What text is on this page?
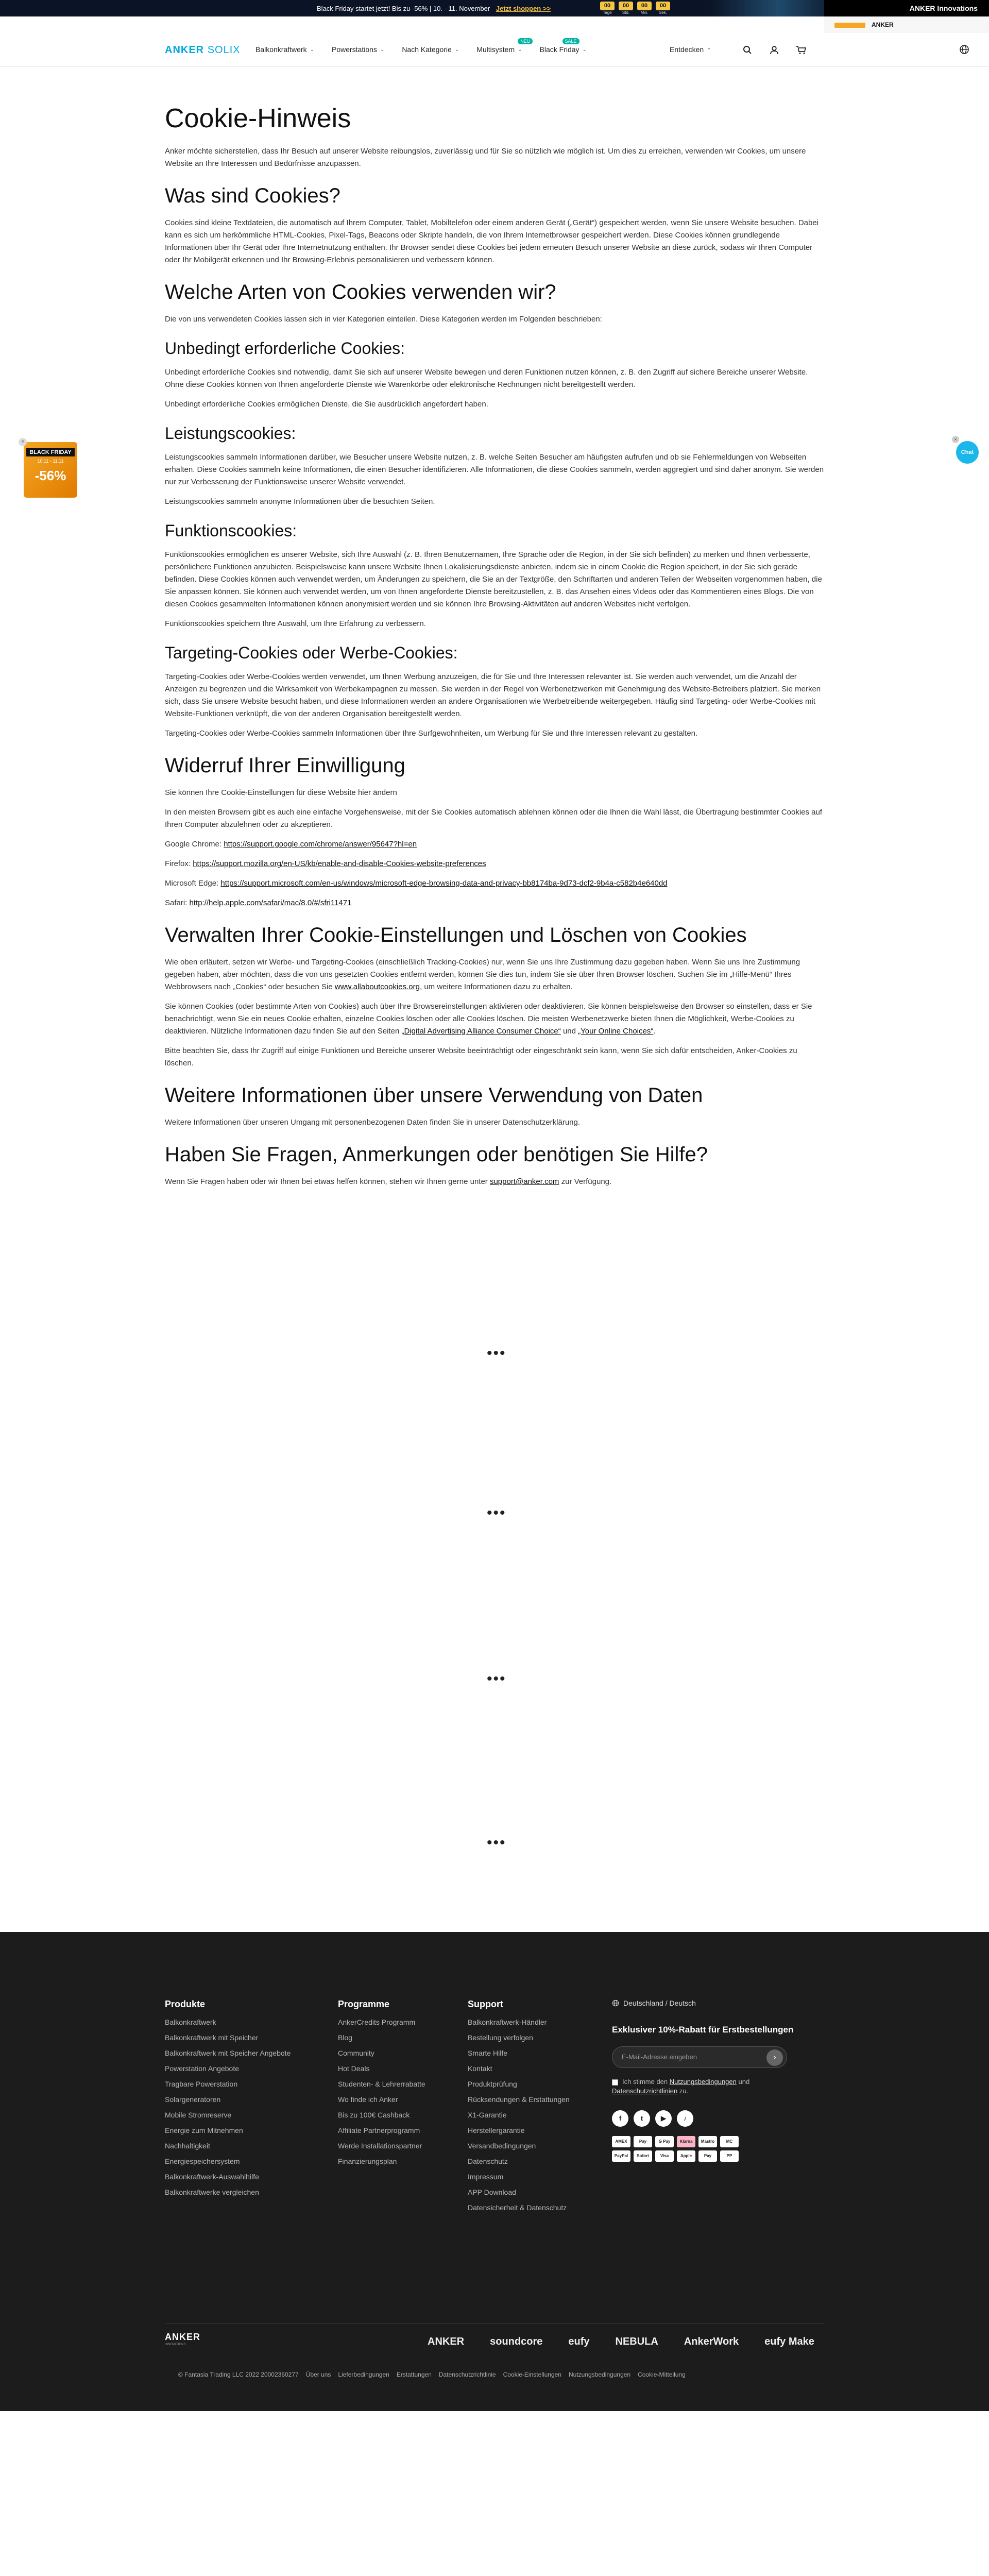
Black Friday startet jetzt! Bis zu -56% | 10. - 11. November Jetzt shoppen >>	00
Tage
00
Std.
00
Min.
00
Sek.
ANKER Innovations
ANKER
ANKER SOLIX Balkonkraftwerk ⌄ Powerstations ⌄ Nach Kategorie ⌄
NEU
Multisystem ⌄
SALE
Black Friday ⌄	Entdecken ⌄
Cookie-Hinweis

Anker möchte sicherstellen, dass Ihr Besuch auf unserer Website reibungslos, zuverlässig und für Sie so nützlich wie möglich ist. Um dies zu erreichen, verwenden wir Cookies, um unsere Website an Ihre Interessen und Bedürfnisse anzupassen.

Was sind Cookies?

Cookies sind kleine Textdateien, die automatisch auf Ihrem Computer, Tablet, Mobiltelefon oder einem anderen Gerät („Gerät“) gespeichert werden, wenn Sie unsere Website besuchen. Dabei kann es sich um herkömmliche HTML-Cookies, Pixel-Tags, Beacons oder Skripte handeln, die von Ihrem Internetbrowser gespeichert werden. Diese Cookies können grundlegende Informationen über Ihr Gerät oder Ihre Internetnutzung enthalten. Ihr Browser sendet diese Cookies bei jedem erneuten Besuch unserer Website an diese zurück, sodass wir Ihren Computer oder Ihr Mobilgerät erkennen und Ihr Browsing-Erlebnis personalisieren und verbessern können.

Welche Arten von Cookies verwenden wir?

Die von uns verwendeten Cookies lassen sich in vier Kategorien einteilen. Diese Kategorien werden im Folgenden beschrieben:

Unbedingt erforderliche Cookies:

Unbedingt erforderliche Cookies sind notwendig, damit Sie sich auf unserer Website bewegen und deren Funktionen nutzen können, z. B. den Zugriff auf sichere Bereiche unserer Website. Ohne diese Cookies können von Ihnen angeforderte Dienste wie Warenkörbe oder elektronische Rechnungen nicht bereitgestellt werden.

Unbedingt erforderliche Cookies ermöglichen Dienste, die Sie ausdrücklich angefordert haben.

Leistungscookies:

Leistungscookies sammeln Informationen darüber, wie Besucher unsere Website nutzen, z. B. welche Seiten Besucher am häufigsten aufrufen und ob sie Fehlermeldungen von Webseiten erhalten. Diese Cookies sammeln keine Informationen, die einen Besucher identifizieren. Alle Informationen, die diese Cookies sammeln, werden aggregiert und sind daher anonym. Sie werden nur zur Verbesserung der Funktionsweise unserer Website verwendet.

Leistungscookies sammeln anonyme Informationen über die besuchten Seiten.

Funktionscookies:

Funktionscookies ermöglichen es unserer Website, sich Ihre Auswahl (z. B. Ihren Benutzernamen, Ihre Sprache oder die Region, in der Sie sich befinden) zu merken und Ihnen verbesserte, persönlichere Funktionen anzubieten. Beispielsweise kann unsere Website Ihnen Lokalisierungsdienste anbieten, indem sie in einem Cookie die Region speichert, in der Sie sich gerade befinden. Diese Cookies können auch verwendet werden, um Änderungen zu speichern, die Sie an der Textgröße, den Schriftarten und anderen Teilen der Webseiten vorgenommen haben, die Sie anpassen können. Sie können auch verwendet werden, um von Ihnen angeforderte Dienste bereitzustellen, z. B. das Ansehen eines Videos oder das Kommentieren eines Blogs. Die von diesen Cookies gesammelten Informationen können anonymisiert werden und sie können Ihre Browsing-Aktivitäten auf anderen Websites nicht verfolgen.

Funktionscookies speichern Ihre Auswahl, um Ihre Erfahrung zu verbessern.

Targeting-Cookies oder Werbe-Cookies:

Targeting-Cookies oder Werbe-Cookies werden verwendet, um Ihnen Werbung anzuzeigen, die für Sie und Ihre Interessen relevanter ist. Sie werden auch verwendet, um die Anzahl der Anzeigen zu begrenzen und die Wirksamkeit von Werbekampagnen zu messen. Sie werden in der Regel von Werbenetzwerken mit Genehmigung des Website-Betreibers platziert. Sie merken sich, dass Sie unsere Website besucht haben, und diese Informationen werden an andere Organisationen wie Werbetreibende weitergegeben. Häufig sind Targeting- oder Werbe-Cookies mit Website-Funktionen verknüpft, die von der anderen Organisation bereitgestellt werden.

Targeting-Cookies oder Werbe-Cookies sammeln Informationen über Ihre Surfgewohnheiten, um Werbung für Sie und Ihre Interessen relevant zu gestalten.

Widerruf Ihrer Einwilligung

Sie können Ihre Cookie-Einstellungen für diese Website hier ändern

In den meisten Browsern gibt es auch eine einfache Vorgehensweise, mit der Sie Cookies automatisch ablehnen können oder die Ihnen die Wahl lässt, die Übertragung bestimmter Cookies auf Ihren Computer abzulehnen oder zu akzeptieren.

Google Chrome: https://support.google.com/chrome/answer/95647?hl=en

Firefox: https://support.mozilla.org/en-US/kb/enable-and-disable-Cookies-website-preferences

Microsoft Edge: https://support.microsoft.com/en-us/windows/microsoft-edge-browsing-data-and-privacy-bb8174ba-9d73-dcf2-9b4a-c582b4e640dd

Safari: http://help.apple.com/safari/mac/8.0/#/sfri11471

Verwalten Ihrer Cookie-Einstellungen und Löschen von Cookies

Wie oben erläutert, setzen wir Werbe- und Targeting-Cookies (einschließlich Tracking-Cookies) nur, wenn Sie uns Ihre Zustimmung dazu gegeben haben. Wenn Sie uns Ihre Zustimmung gegeben haben, aber möchten, dass die von uns gesetzten Cookies entfernt werden, können Sie dies tun, indem Sie sie über Ihren Browser löschen. Suchen Sie im „Hilfe-Menü“ Ihres Webbrowsers nach „Cookies“ oder besuchen Sie www.allaboutcookies.org, um weitere Informationen dazu zu erhalten.

Sie können Cookies (oder bestimmte Arten von Cookies) auch über Ihre Browsereinstellungen aktivieren oder deaktivieren. Sie können beispielsweise den Browser so einstellen, dass er Sie benachrichtigt, wenn Sie ein neues Cookie erhalten, einzelne Cookies löschen oder alle Cookies löschen. Die meisten Werbenetzwerke bieten Ihnen die Möglichkeit, Werbe-Cookies zu deaktivieren. Nützliche Informationen dazu finden Sie auf den Seiten „Digital Advertising Alliance Consumer Choice“ und „Your Online Choices“.

Bitte beachten Sie, dass Ihr Zugriff auf einige Funktionen und Bereiche unserer Website beeinträchtigt oder eingeschränkt sein kann, wenn Sie sich dafür entscheiden, Anker-Cookies zu löschen.

Weitere Informationen über unsere Verwendung von Daten

Weitere Informationen über unseren Umgang mit personenbezogenen Daten finden Sie in unserer Datenschutzerklärung.

Haben Sie Fragen, Anmerkungen oder benötigen Sie Hilfe?

Wenn Sie Fragen haben oder wir Ihnen bei etwas helfen können, stehen wir Ihnen gerne unter support@anker.com zur Verfügung.

•••
•••
•••
•••
BLACK FRIDAY
10.11 - 11.11
-56%
×
Chat
×
Produkte
Balkonkraftwerk
Balkonkraftwerk mit Speicher
Balkonkraftwerk mit Speicher Angebote
Powerstation Angebote
Tragbare Powerstation
Solargeneratoren
Mobile Stromreserve
Energie zum Mitnehmen
Nachhaltigkeit
Energiespeichersystem
Balkonkraftwerk-Auswahlhilfe
Balkonkraftwerke vergleichen
Programme
AnkerCredits Programm
Blog
Community
Hot Deals
Studenten- & Lehrerrabatte
Wo finde ich Anker
Bis zu 100€ Cashback
Affiliate Partnerprogramm
Werde Installationspartner
Finanzierungsplan
Support
Balkonkraftwerk-Händler
Bestellung verfolgen
Smarte Hilfe
Kontakt
Produktprüfung
Rücksendungen & Erstattungen
X1-Garantie
Herstellergarantie
Versandbedingungen
Datenschutz
Impressum
APP Download
Datensicherheit & Datenschutz
Deutschland / Deutsch
Exklusiver 10%-Rabatt für Erstbestellungen
E-Mail-Adresse eingeben	›
Ich stimme den Nutzungsbedingungen und Datenschutzrichtlinien zu.
f	t	▶	♪
AMEX	Pay	G Pay	Klarna	Mastro	MC
PayPal	Sofort	Visa	Apple	Pay	PP
ANKER
INNOVATIONS	ANKER	soundcore	eufy	NEBULA	AnkerWork	eufy Make
© Fantasia Trading LLC 2022 20002360277 Über uns Lieferbedingungen Erstattungen Datenschutzrichtlinie Cookie-Einstellungen Nutzungsbedingungen Cookie-Mitteilung
